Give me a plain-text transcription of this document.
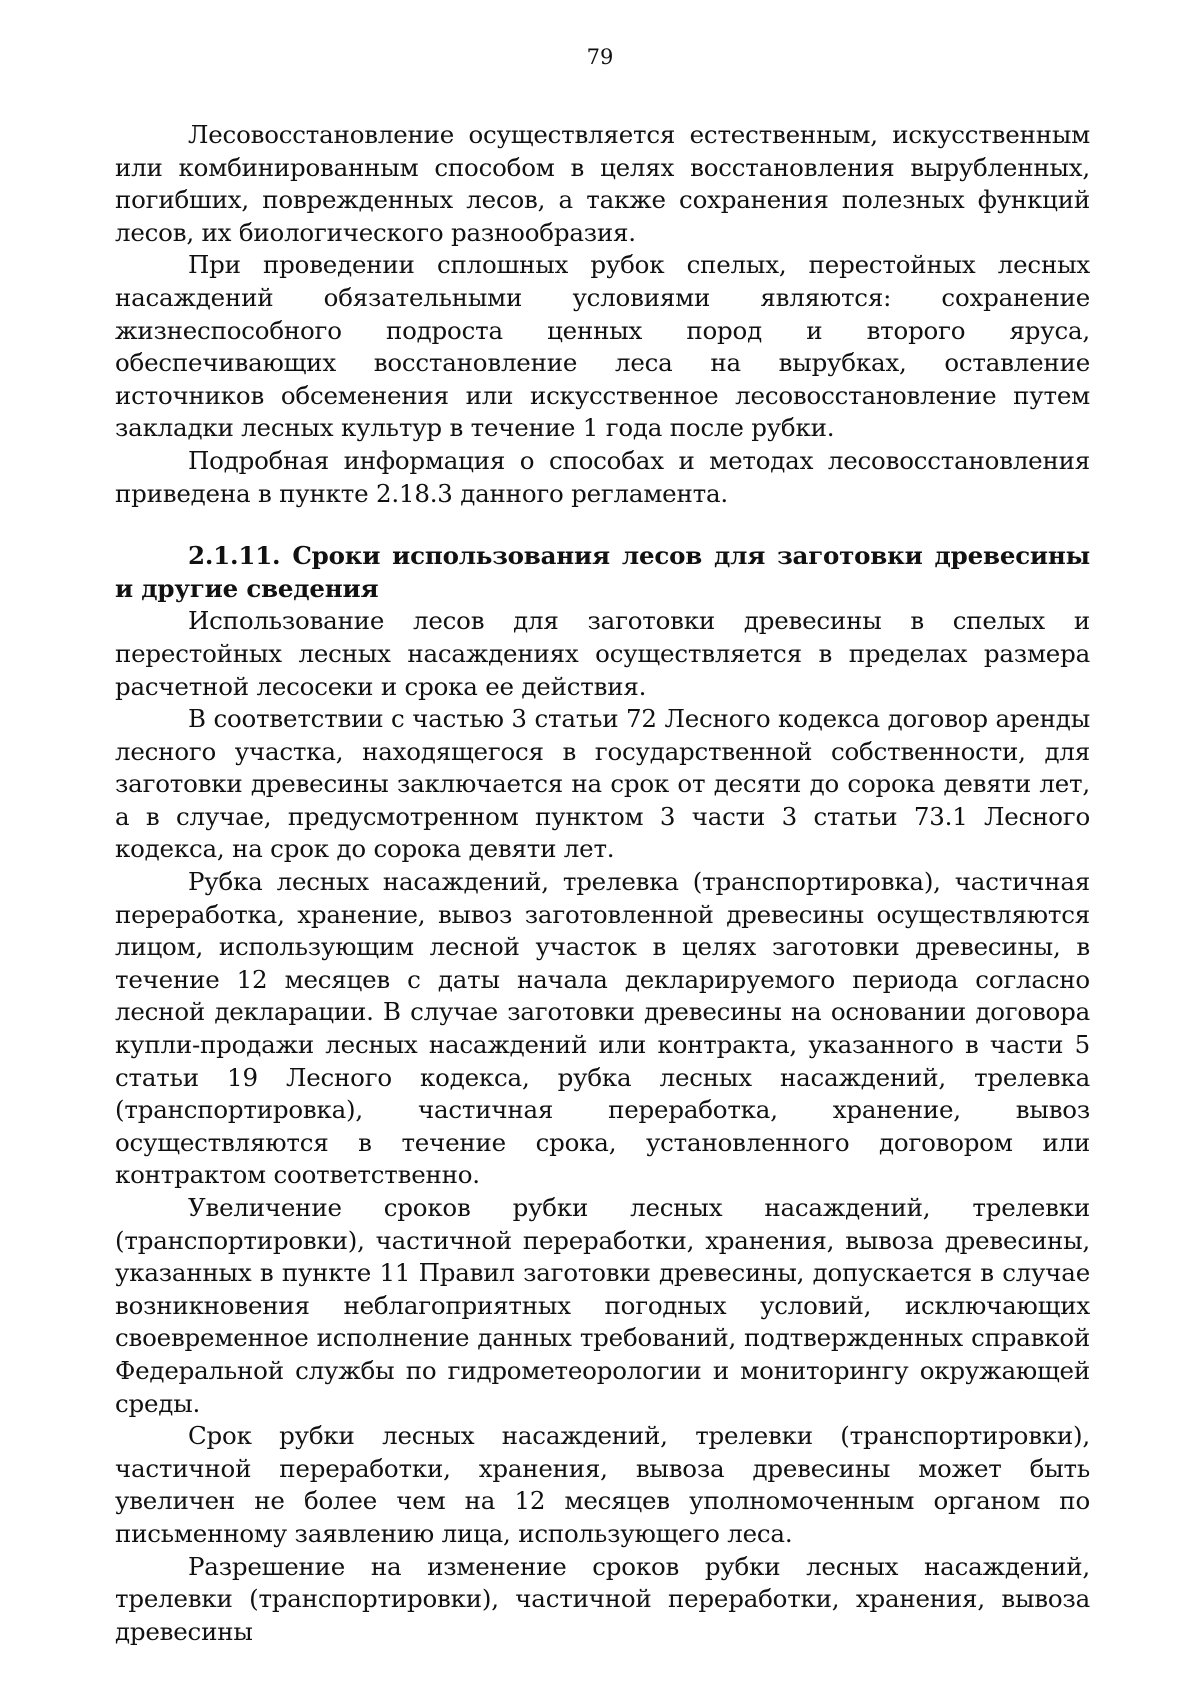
79

Лесовосстановление осуществляется естественным, искусственным или комбинированным способом в целях восстановления вырубленных, погибших, поврежденных лесов, а также сохранения полезных функций лесов, их биологического разнообразия.

При проведении сплошных рубок спелых, перестойных лесных насаждений обязательными условиями являются: сохранение жизнеспособного подроста ценных пород и второго яруса, обеспечивающих восстановление леса на вырубках, оставление источников обсеменения или искусственное лесовосстановление путем закладки лесных культур в течение 1 года после рубки.

Подробная информация о способах и методах лесовосстановления приведена в пункте 2.18.3 данного регламента.

2.1.11. Сроки использования лесов для заготовки древесины и другие сведения

Использование лесов для заготовки древесины в спелых и перестойных лесных насаждениях осуществляется в пределах размера расчетной лесосеки и срока ее действия.

В соответствии с частью 3 статьи 72 Лесного кодекса договор аренды лесного участка, находящегося в государственной собственности, для заготовки древесины заключается на срок от десяти до сорока девяти лет, а в случае, предусмотренном пунктом 3 части 3 статьи 73.1 Лесного кодекса, на срок до сорока девяти лет.

Рубка лесных насаждений, трелевка (транспортировка), частичная переработка, хранение, вывоз заготовленной древесины осуществляются лицом, использующим лесной участок в целях заготовки древесины, в течение 12 месяцев с даты начала декларируемого периода согласно лесной декларации. В случае заготовки древесины на основании договора купли-продажи лесных насаждений или контракта, указанного в части 5 статьи 19 Лесного кодекса, рубка лесных насаждений, трелевка (транспортировка), частичная переработка, хранение, вывоз осуществляются в течение срока, установленного договором или контрактом соответственно.

Увеличение сроков рубки лесных насаждений, трелевки (транспортировки), частичной переработки, хранения, вывоза древесины, указанных в пункте 11 Правил заготовки древесины, допускается в случае возникновения неблагоприятных погодных условий, исключающих своевременное исполнение данных требований, подтвержденных справкой Федеральной службы по гидрометеорологии и мониторингу окружающей среды.

Срок рубки лесных насаждений, трелевки (транспортировки), частичной переработки, хранения, вывоза древесины может быть увеличен не более чем на 12 месяцев уполномоченным органом по письменному заявлению лица, использующего леса.

Разрешение на изменение сроков рубки лесных насаждений, трелевки (транспортировки), частичной переработки, хранения, вывоза древесины
